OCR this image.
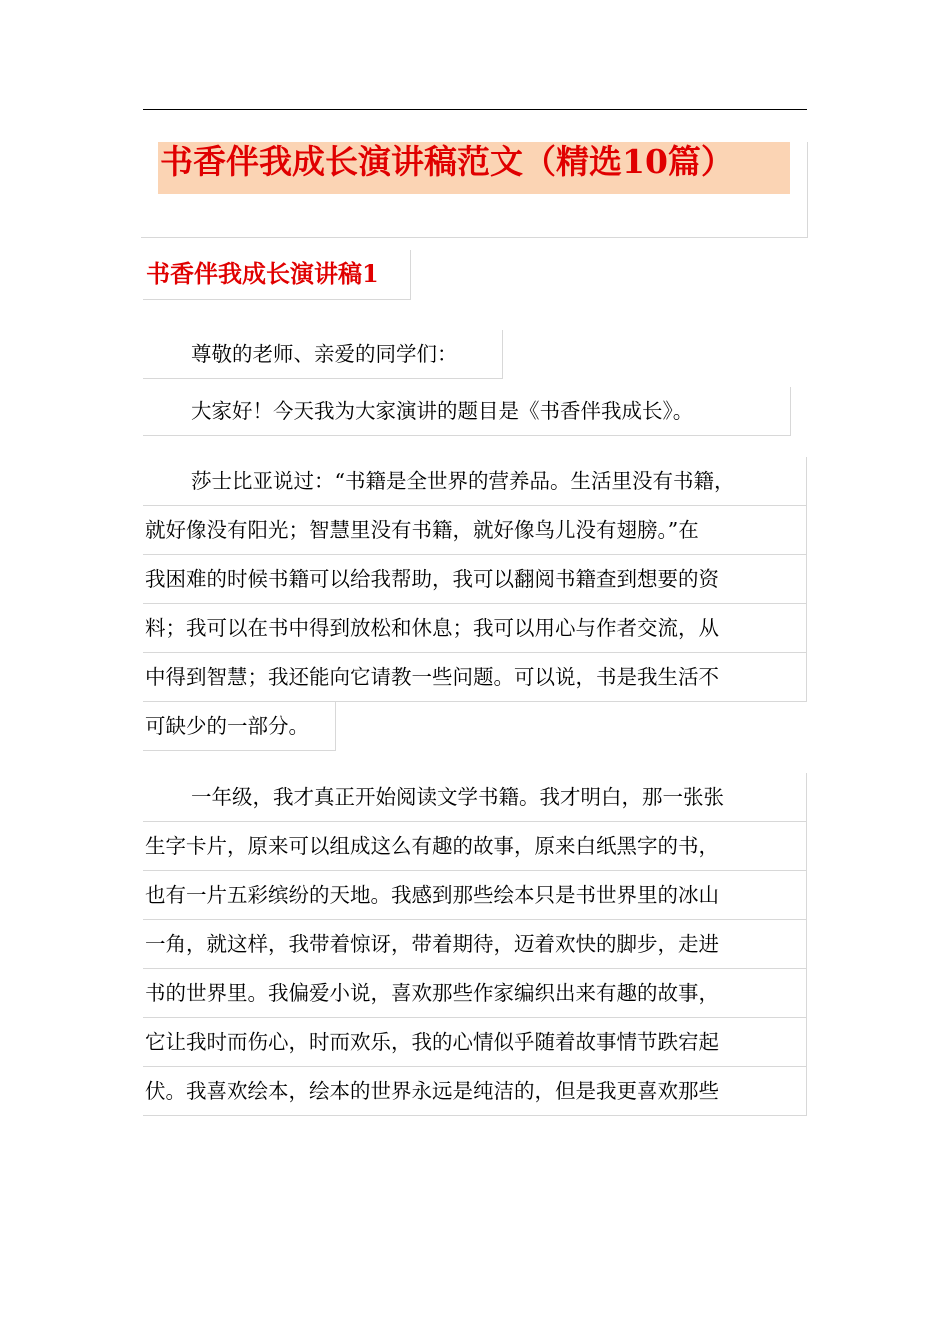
书香伴我成长演讲稿范文（精选10篇）
书香伴我成长演讲稿1
尊敬的老师、亲爱的同学们：
大家好！今天我为大家演讲的题目是《书香伴我成长》。
莎士比亚说过：“书籍是全世界的营养品。生活里没有书籍，
就好像没有阳光；智慧里没有书籍，就好像鸟儿没有翅膀。”在
我困难的时候书籍可以给我帮助，我可以翻阅书籍查到想要的资
料；我可以在书中得到放松和休息；我可以用心与作者交流，从
中得到智慧；我还能向它请教一些问题。可以说，书是我生活不
可缺少的一部分。
一年级，我才真正开始阅读文学书籍。我才明白，那一张张
生字卡片，原来可以组成这么有趣的故事，原来白纸黑字的书，
也有一片五彩缤纷的天地。我感到那些绘本只是书世界里的冰山
一角，就这样，我带着惊讶，带着期待，迈着欢快的脚步，走进
书的世界里。我偏爱小说，喜欢那些作家编织出来有趣的故事，
它让我时而伤心，时而欢乐，我的心情似乎随着故事情节跌宕起
伏。我喜欢绘本，绘本的世界永远是纯洁的，但是我更喜欢那些
